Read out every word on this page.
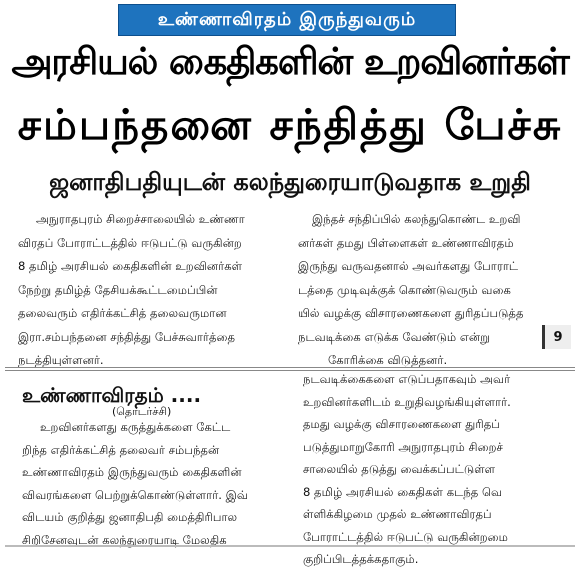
உண்ணாவிரதம் இருந்துவரும்
அரசியல் கைதிகளின் உறவினர்கள்
சம்பந்தனை சந்தித்து பேச்சு
ஜனாதிபதியுடன் கலந்துரையாடுவதாக உறுதி
அநுராதபுரம் சிறைச்சாலையில் உண்ணா
விரதப் போராட்டத்தில் ஈடுபட்டு வருகின்ற
8 தமிழ் அரசியல் கைதிகளின் உறவினர்கள்
நேற்று தமிழ்த் தேசியக்கூட்டமைப்பின்
தலைவரும் எதிர்க்கட்சித் தலைவருமான
இரா.சம்பந்தனை சந்தித்து பேச்சுவார்த்தை
நடத்தியுள்ளனர்.
இந்தச் சந்திப்பில் கலந்துகொண்ட உறவி
னர்கள் தமது பிள்ளைகள் உண்ணாவிரதம்
இருந்து வருவதனால் அவர்களது போராட்
டத்தை முடிவுக்குக் கொண்டுவரும் வகை
யில் வழக்கு விசாரணைகளை துரிதப்படுத்த
நடவடிக்கை எடுக்க வேண்டும் என்று
கோரிக்கை விடுத்தனர்.
9
உண்ணாவிரதம் ....
(தொடர்ச்சி)
உறவினர்களது கருத்துக்களை கேட்ட
றிந்த எதிர்க்கட்சித் தலைவர் சம்பந்தன்
உண்ணாவிரதம் இருந்துவரும் கைதிகளின்
விவரங்களை பெற்றுக்கொண்டுள்ளார். இவ்
விடயம் குறித்து ஜனாதிபதி மைத்திரிபால
சிறிசேனவுடன் கலந்துரையாடி மேலதிக
நடவடிக்கைகளை எடுப்பதாகவும் அவர்
உறவினர்களிடம் உறுதிவழங்கியுள்ளார்.
தமது வழக்கு விசாரணைகளை துரிதப்
படுத்துமாறுகோரி அநுராதபுரம் சிறைச்
சாலையில் தடுத்து வைக்கப்பட்டுள்ள
8 தமிழ் அரசியல் கைதிகள் கடந்த வெ
ள்ளிக்கிழமை முதல் உண்ணாவிரதப்
போராட்டத்தில் ஈடுபட்டு வருகின்றமை
குறிப்பிடத்தக்கதாகும்.
